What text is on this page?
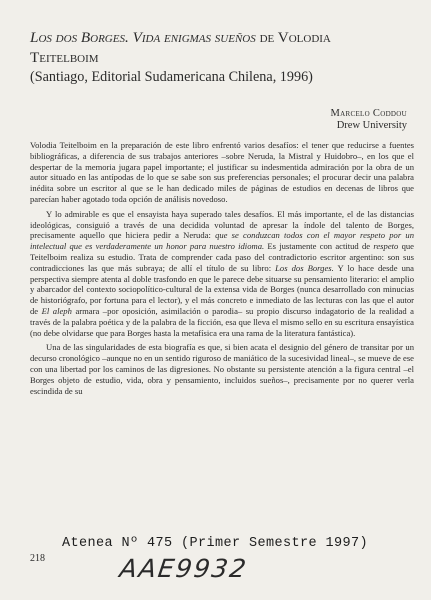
Los dos Borges. Vida enigmas sueños de Volodia
Teitelboim
(Santiago, Editorial Sudamericana Chilena, 1996)
Marcelo Coddou
Drew University

Volodia Teitelboim en la preparación de este libro enfrentó varios desafíos: el tener que reducirse a fuentes bibliográficas, a diferencia de sus trabajos anteriores –sobre Neruda, la Mistral y Huidobro–, en los que el despertar de la memoria jugara papel importante; el justificar su indesmentida admiración por la obra de un autor situado en las antípodas de lo que se sabe son sus preferencias personales; el procurar decir una palabra inédita sobre un escritor al que se le han dedicado miles de páginas de estudios en decenas de libros que parecían haber agotado toda opción de análisis novedoso.

Y lo admirable es que el ensayista haya superado tales desafíos. El más importante, el de las distancias ideológicas, consiguió a través de una decidida voluntad de apresar la índole del talento de Borges, precisamente aquello que hiciera pedir a Neruda: que se conduzcan todos con el mayor respeto por un intelectual que es verdaderamente un honor para nuestro idioma. Es justamente con actitud de respeto que Teitelboim realiza su estudio. Trata de comprender cada paso del contradictorio escritor argentino: son sus contradicciones las que más subraya; de allí el título de su libro: Los dos Borges. Y lo hace desde una perspectiva siempre atenta al doble trasfondo en que le parece debe situarse su pensamiento literario: el amplio y abarcador del contexto sociopolítico-cultural de la extensa vida de Borges (nunca desarrollado con minucias de historiógrafo, por fortuna para el lector), y el más concreto e inmediato de las lecturas con las que el autor de El aleph armara –por oposición, asimilación o parodia– su propio discurso indagatorio de la realidad a través de la palabra poética y de la palabra de la ficción, esa que lleva el mismo sello en su escritura ensayística (no debe olvidarse que para Borges hasta la metafísica era una rama de la literatura fantástica).

Una de las singularidades de esta biografía es que, si bien acata el designio del género de transitar por un decurso cronológico –aunque no en un sentido riguroso de maniático de la sucesividad lineal–, se mueve de ese con una libertad por los caminos de las digresiones. No obstante su persistente atención a la figura central –el Borges objeto de estudio, vida, obra y pensamiento, incluidos sueños–, precisamente por no querer verla escindida de su

Atenea Nº 475 (Primer Semestre 1997)
218	AAE9932
